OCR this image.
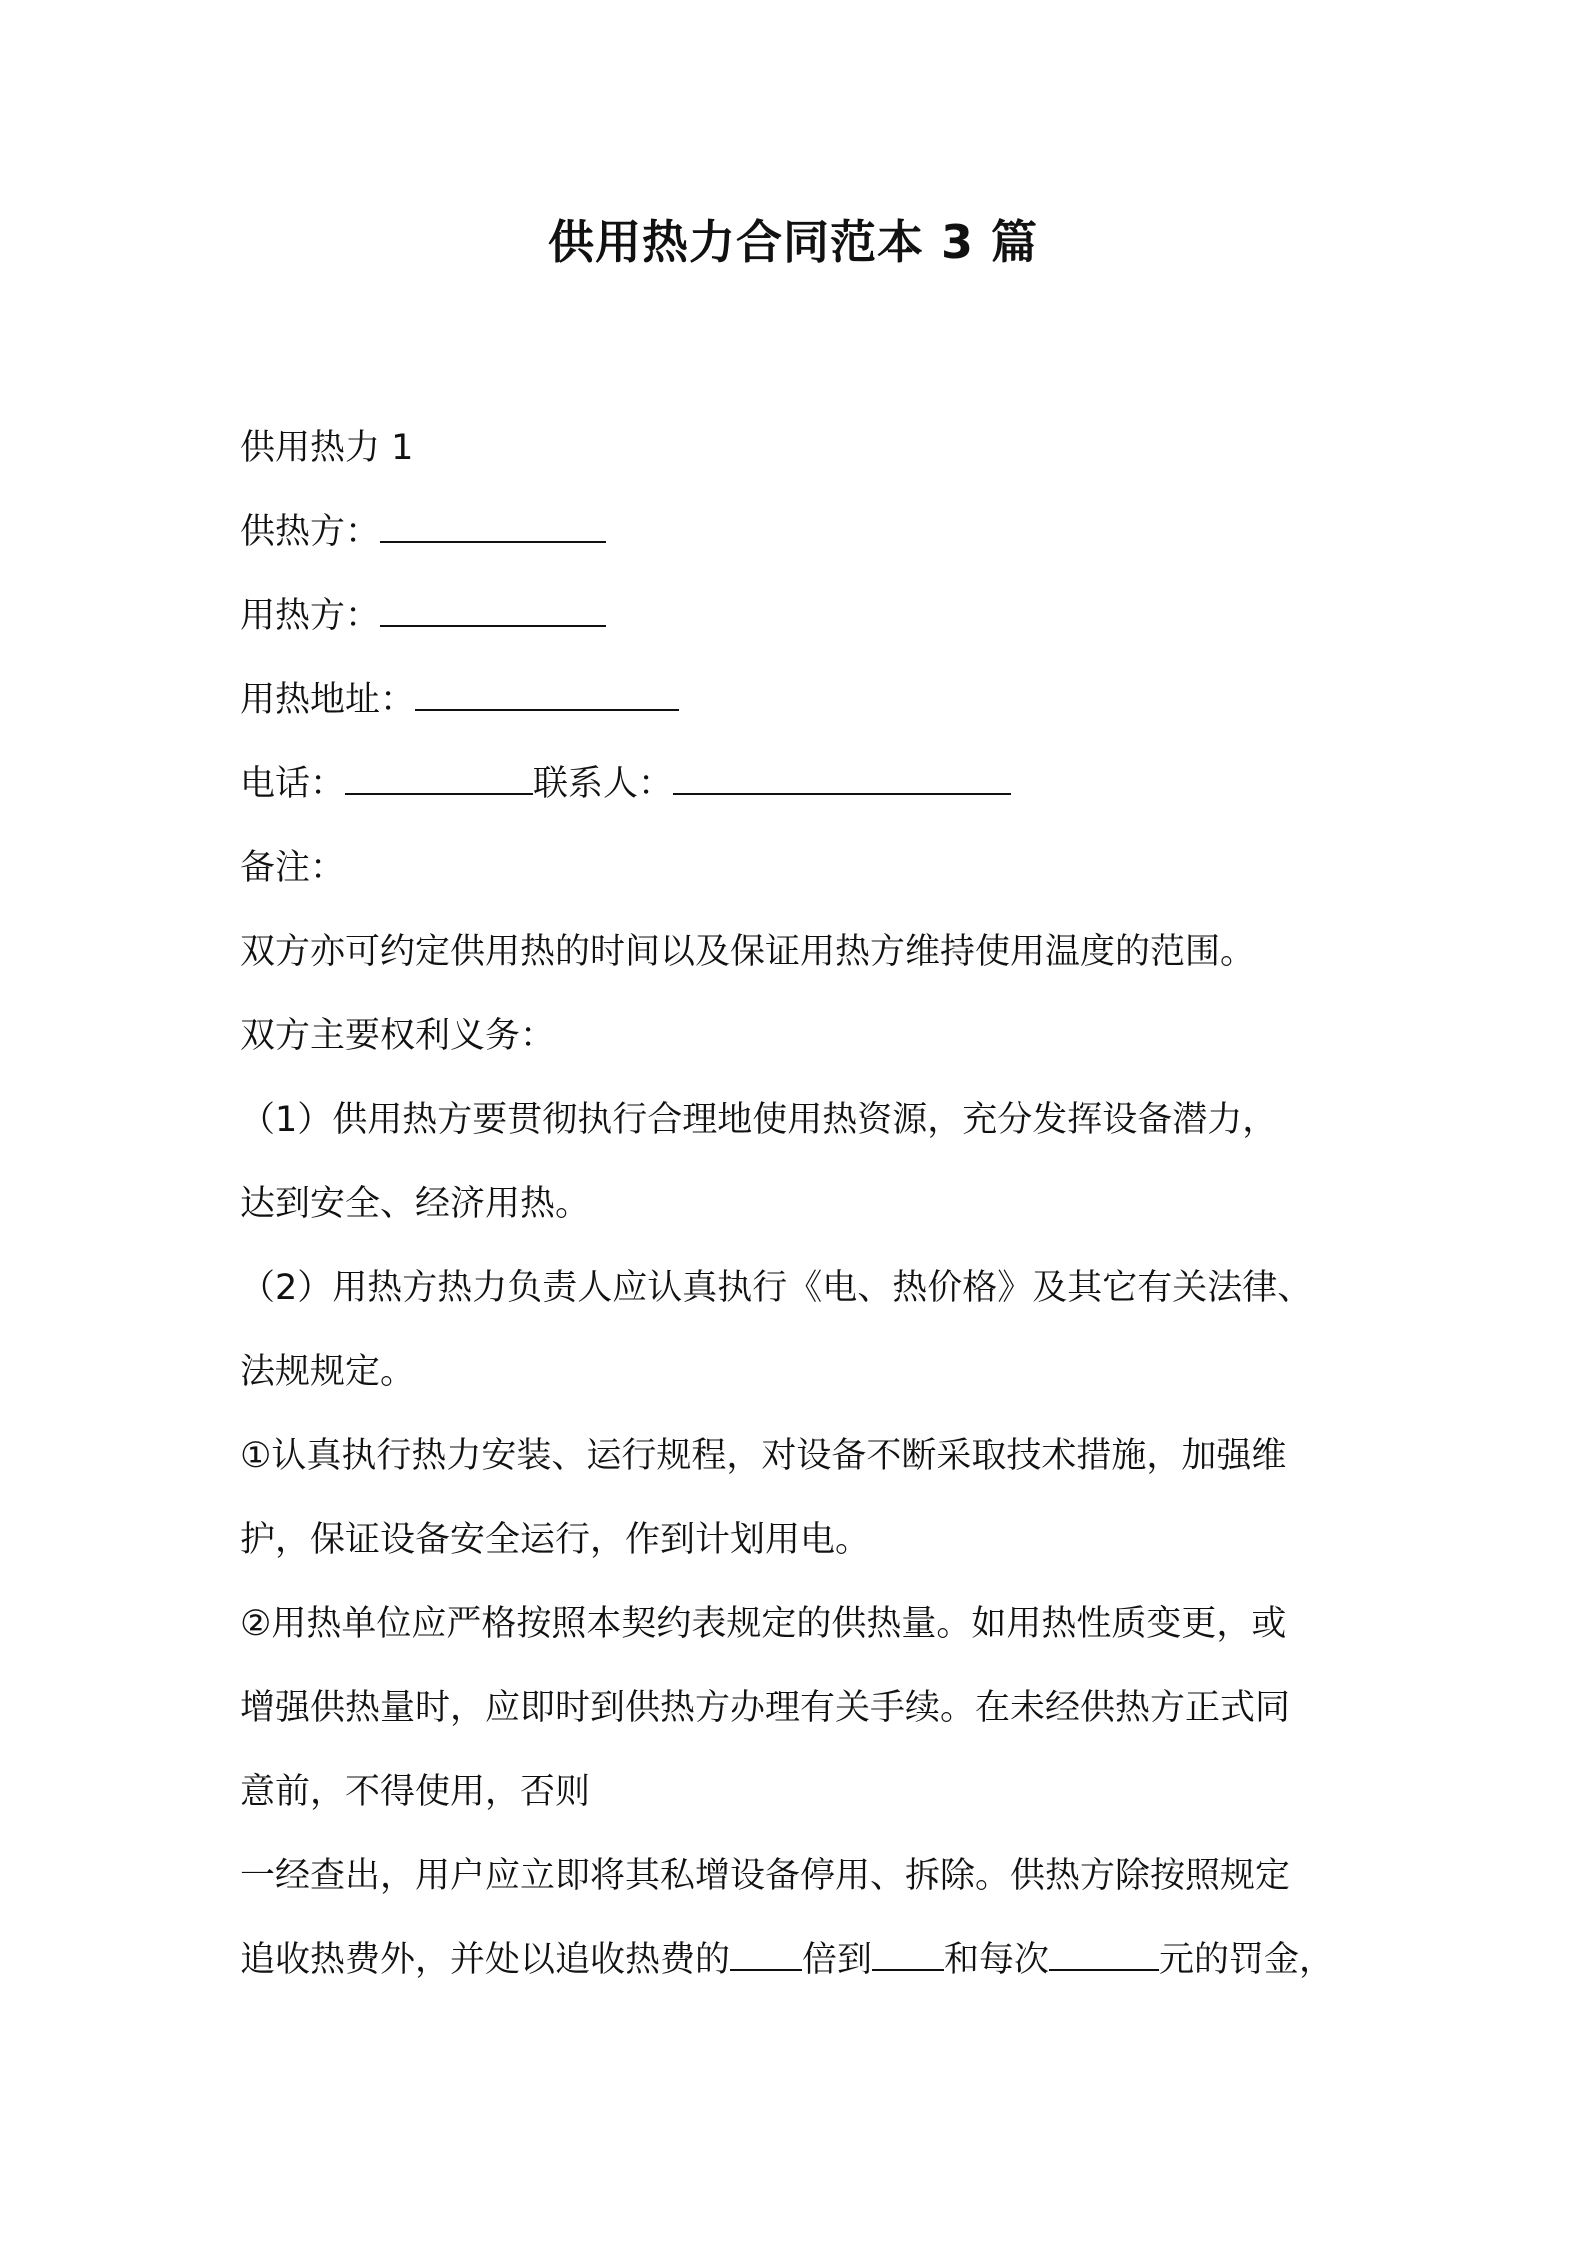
供用热力合同范本 3 篇
供用热力 1
供热方：
用热方：
用热地址：
电话：	联系人：
备注：
双方亦可约定供用热的时间以及保证用热方维持使用温度的范围。
双方主要权利义务：
（1）供用热方要贯彻执行合理地使用热资源，充分发挥设备潜力，
达到安全、经济用热。
（2）用热方热力负责人应认真执行《电、热价格》及其它有关法律、
法规规定。
①认真执行热力安装、运行规程，对设备不断采取技术措施，加强维
护，保证设备安全运行，作到计划用电。
②用热单位应严格按照本契约表规定的供热量。如用热性质变更，或
增强供热量时，应即时到供热方办理有关手续。在未经供热方正式同
意前，不得使用，否则
一经查出，用户应立即将其私增设备停用、拆除。供热方除按照规定
追收热费外，并处以追收热费的 倍到 和每次	元的罚金，
